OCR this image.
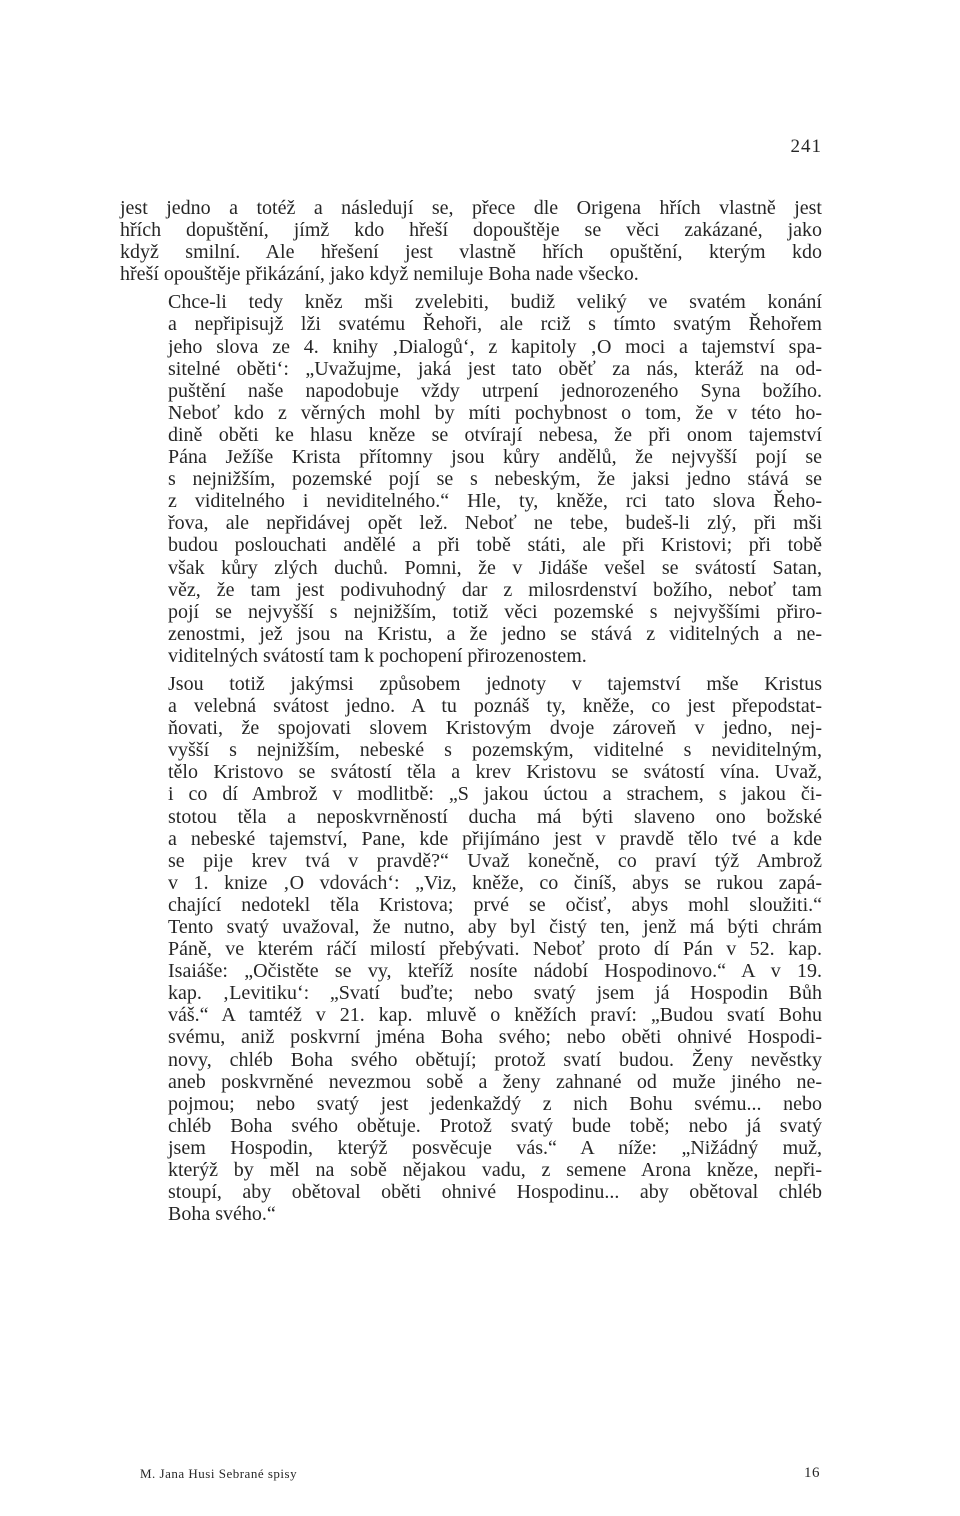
241

jest jedno a totéž a následují se, přece dle Origena hřích vlastně jest
hřích dopuštění, jímž kdo hřeší dopouštěje se věci zakázané, jako
když smilní. Ale hřešení jest vlastně hřích opuštění, kterým kdo
hřeší opouštěje přikázání, jako když nemiluje Boha nade všecko.

Chce-li tedy kněz mši zvelebiti, budiž veliký ve svatém konání
a nepřipisujž lži svatému Řehoři, ale rciž s tímto svatým Řehořem
jeho slova ze 4. knihy ‚Dialogů‘, z kapitoly ‚O moci a tajemství spa-
sitelné oběti‘: „Uvažujme, jaká jest tato oběť za nás, kteráž na od-
puštění naše napodobuje vždy utrpení jednorozeného Syna božího.
Neboť kdo z věrných mohl by míti pochybnost o tom, že v této ho-
dině oběti ke hlasu kněze se otvírají nebesa, že při onom tajemství
Pána Ježíše Krista přítomny jsou kůry andělů, že nejvyšší pojí se
s nejnižším, pozemské pojí se s nebeským, že jaksi jedno stává se
z viditelného i neviditelného.“ Hle, ty, kněže, rci tato slova Řeho-
řova, ale nepřidávej opět lež. Neboť ne tebe, budeš-li zlý, při mši
budou poslouchati andělé a při tobě státi, ale při Kristovi; při tobě
však kůry zlých duchů. Pomni, že v Jidáše vešel se svátostí Satan,
věz, že tam jest podivuhodný dar z milosrdenství božího, neboť tam
pojí se nejvyšší s nejnižším, totiž věci pozemské s nejvyššími přiro-
zenostmi, jež jsou na Kristu, a že jedno se stává z viditelných a ne-
viditelných svátostí tam k pochopení přirozenostem.

Jsou totiž jakýmsi způsobem jednoty v tajemství mše Kristus
a velebná svátost jedno. A tu poznáš ty, kněže, co jest přepodstat-
ňovati, že spojovati slovem Kristovým dvoje zároveň v jedno, nej-
vyšší s nejnižším, nebeské s pozemským, viditelné s neviditelným,
tělo Kristovo se svátostí těla a krev Kristovu se svátostí vína. Uvaž,
i co dí Ambrož v modlitbě: „S jakou úctou a strachem, s jakou či-
stotou těla a neposkvrněností ducha má býti slaveno ono božské
a nebeské tajemství, Pane, kde přijímáno jest v pravdě tělo tvé a kde
se pije krev tvá v pravdě?“ Uvaž konečně, co praví týž Ambrož
v 1. knize ‚O vdovách‘: „Viz, kněže, co činíš, abys se rukou zapá-
chající nedotekl těla Kristova; prvé se očisť, abys mohl sloužiti.“
Tento svatý uvažoval, že nutno, aby byl čistý ten, jenž má býti chrám
Páně, ve kterém ráčí milostí přebývati. Neboť proto dí Pán v 52. kap.
Isaiáše: „Očistěte se vy, kteříž nosíte nádobí Hospodinovo.“ A v 19.
kap. ‚Levitiku‘: „Svatí buďte; nebo svatý jsem já Hospodin Bůh
váš.“ A tamtéž v 21. kap. mluvě o kněžích praví: „Budou svatí Bohu
svému, aniž poskvrní jména Boha svého; nebo oběti ohnivé Hospodi-
novy, chléb Boha svého obětují; protož svatí budou. Ženy nevěstky
aneb poskvrněné nevezmou sobě a ženy zahnané od muže jiného ne-
pojmou; nebo svatý jest jedenkaždý z nich Bohu svému... nebo
chléb Boha svého obětuje. Protož svatý bude tobě; nebo já svatý
jsem Hospodin, kterýž posvěcuje vás.“ A níže: „Nižádný muž,
kterýž by měl na sobě nějakou vadu, z semene Arona kněze, nepři-
stoupí, aby obětoval oběti ohnivé Hospodinu... aby obětoval chléb
Boha svého.“

M. Jana Husi Sebrané spisy	16
